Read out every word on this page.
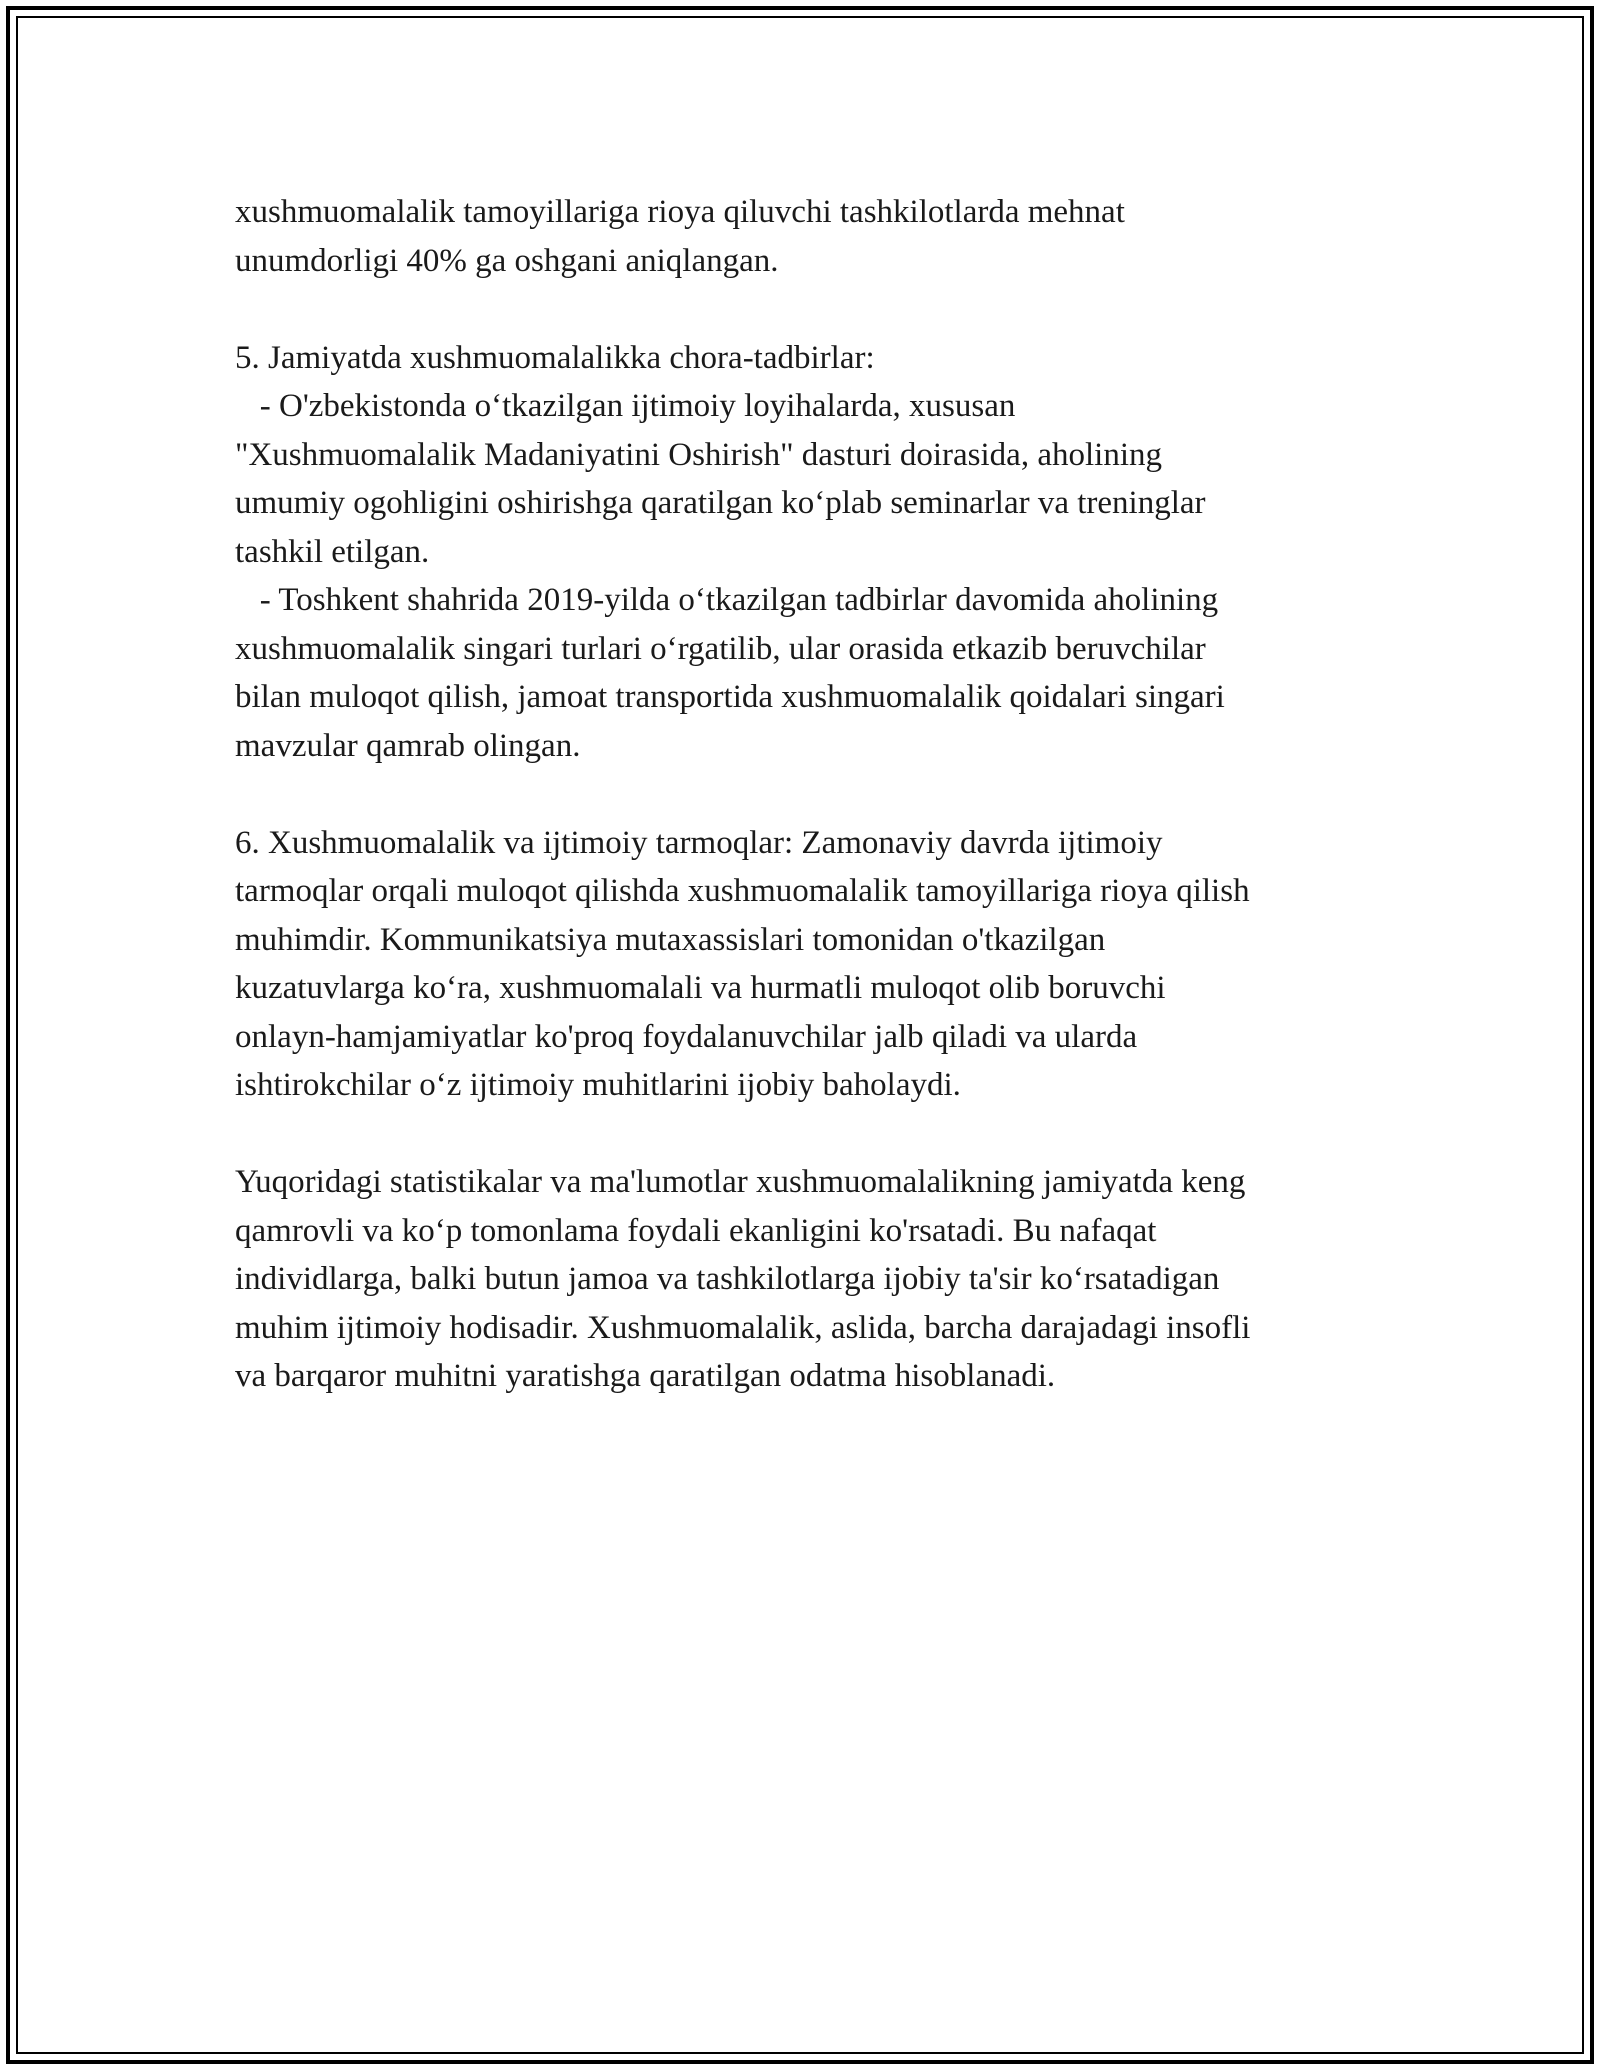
xushmuomalalik tamoyillariga rioya qiluvchi tashkilotlarda mehnat
unumdorligi 40% ga oshgani aniqlangan.

5. Jamiyatda xushmuomalalikka chora-tadbirlar:
- O'zbekistonda o‘tkazilgan ijtimoiy loyihalarda, xususan
"Xushmuomalalik Madaniyatini Oshirish" dasturi doirasida, aholining
umumiy ogohligini oshirishga qaratilgan ko‘plab seminarlar va treninglar
tashkil etilgan.
- Toshkent shahrida 2019-yilda o‘tkazilgan tadbirlar davomida aholining
xushmuomalalik singari turlari o‘rgatilib, ular orasida etkazib beruvchilar
bilan muloqot qilish, jamoat transportida xushmuomalalik qoidalari singari
mavzular qamrab olingan.

6. Xushmuomalalik va ijtimoiy tarmoqlar: Zamonaviy davrda ijtimoiy
tarmoqlar orqali muloqot qilishda xushmuomalalik tamoyillariga rioya qilish
muhimdir. Kommunikatsiya mutaxassislari tomonidan o'tkazilgan
kuzatuvlarga ko‘ra, xushmuomalali va hurmatli muloqot olib boruvchi
onlayn-hamjamiyatlar ko'proq foydalanuvchilar jalb qiladi va ularda
ishtirokchilar o‘z ijtimoiy muhitlarini ijobiy baholaydi.

Yuqoridagi statistikalar va ma'lumotlar xushmuomalalikning jamiyatda keng
qamrovli va ko‘p tomonlama foydali ekanligini ko'rsatadi. Bu nafaqat
individlarga, balki butun jamoa va tashkilotlarga ijobiy ta'sir ko‘rsatadigan
muhim ijtimoiy hodisadir. Xushmuomalalik, aslida, barcha darajadagi insofli
va barqaror muhitni yaratishga qaratilgan odatma hisoblanadi.
